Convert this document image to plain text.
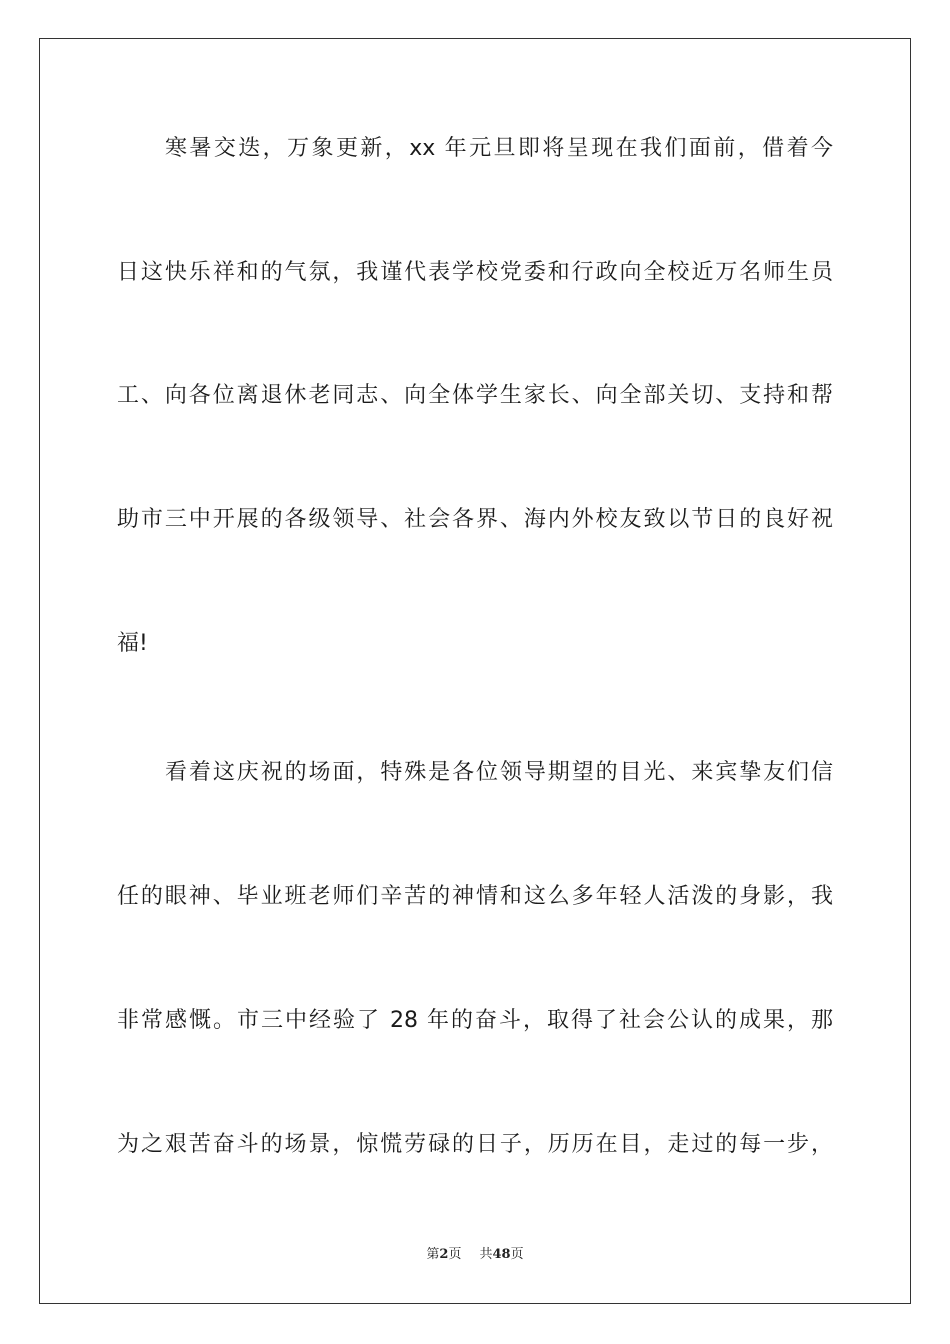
寒暑交迭，万象更新，xx 年元旦即将呈现在我们面前，借着今
日这快乐祥和的气氛，我谨代表学校党委和行政向全校近万名师生员
工、向各位离退休老同志、向全体学生家长、向全部关切、支持和帮
助市三中开展的各级领导、社会各界、海内外校友致以节日的良好祝
福!
看着这庆祝的场面，特殊是各位领导期望的目光、来宾挚友们信
任的眼神、毕业班老师们辛苦的神情和这么多年轻人活泼的身影，我
非常感慨。市三中经验了 28 年的奋斗，取得了社会公认的成果，那
为之艰苦奋斗的场景，惊慌劳碌的日子，历历在目，走过的每一步，
第2页 共48页
